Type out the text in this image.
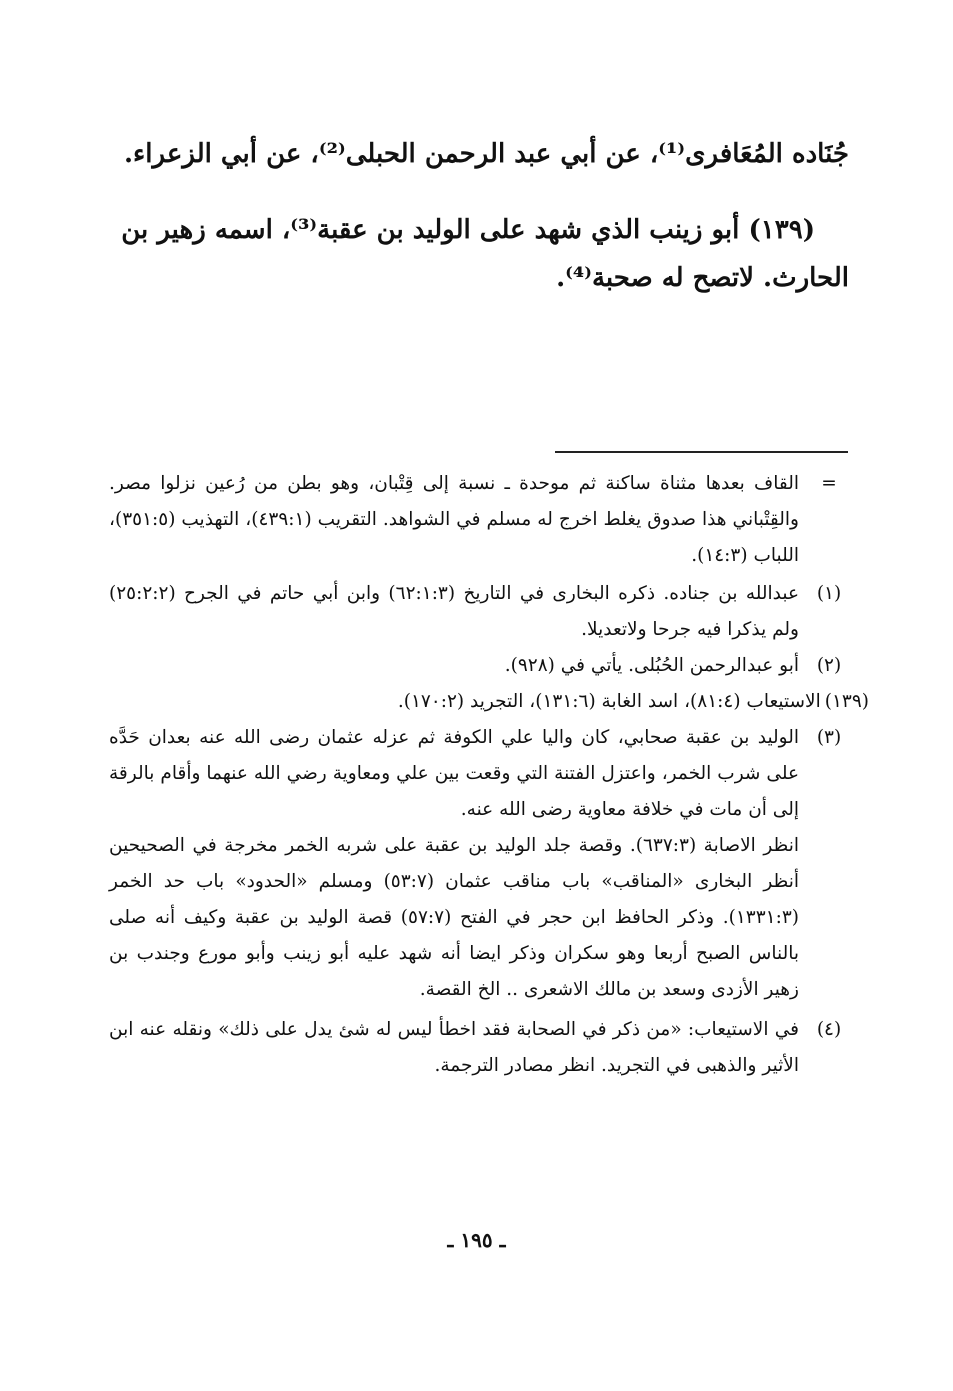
جُنَاده المُعَافرى⁽¹⁾، عن أبي عبد الرحمن الحبلى⁽²⁾، عن أبي الزعراء.

(١٣٩) أبو زينب الذي شهد على الوليد بن عقبة⁽³⁾، اسمه زهير بن الحارث. لاتصح له صحبة⁽⁴⁾.

=
القاف بعدها مثناة ساكنة ثم موحدة ـ نسبة إلى قِتْبان، وهو بطن من رُعين نزلوا مصر. والقِتْباني هذا صدوق يغلط اخرج له مسلم في الشواهد. التقريب (٤٣٩:١)، التهذيب (٣٥١:٥)، اللباب (١٤:٣).
(١)
عبدالله بن جناده. ذكره البخارى في التاريخ (٦٢:١:٣) وابن أبي حاتم في الجرح (٢٥:٢:٢) ولم يذكرا فيه جرحا ولاتعديلا.
(٢)
أبو عبدالرحمن الحُبُلى. يأتي في (٩٢٨).
(١٣٩)
الاستيعاب (٨١:٤)، اسد الغابة (١٣١:٦)، التجريد (١٧٠:٢).
(٣)
الوليد بن عقبة صحابي، كان واليا علي الكوفة ثم عزله عثمان رضى الله عنه بعدان حَدَّه على شرب الخمر، واعتزل الفتنة التي وقعت بين علي ومعاوية رضي الله عنهما وأقام بالرقة إلى أن مات في خلافة معاوية رضى الله عنه.
انظر الاصابة (٦٣٧:٣). وقصة جلد الوليد بن عقبة على شربه الخمر مخرجة في الصحيحين أنظر البخارى «المناقب» باب مناقب عثمان (٥٣:٧) ومسلم «الحدود» باب حد الخمر (١٣٣١:٣). وذكر الحافظ ابن حجر في الفتح (٥٧:٧) قصة الوليد بن عقبة وكيف أنه صلى بالناس الصبح أربعا وهو سكران وذكر ايضا أنه شهد عليه أبو زينب وأبو مورع وجندب بن زهير الأزدى وسعد بن مالك الاشعرى .. الخ القصة.
(٤)
في الاستيعاب: «من ذكر في الصحابة فقد اخطأ ليس له شئ يدل على ذلك» ونقله عنه ابن الأثير والذهبى في التجريد. انظر مصادر الترجمة.
ـ ١٩٥ ـ
